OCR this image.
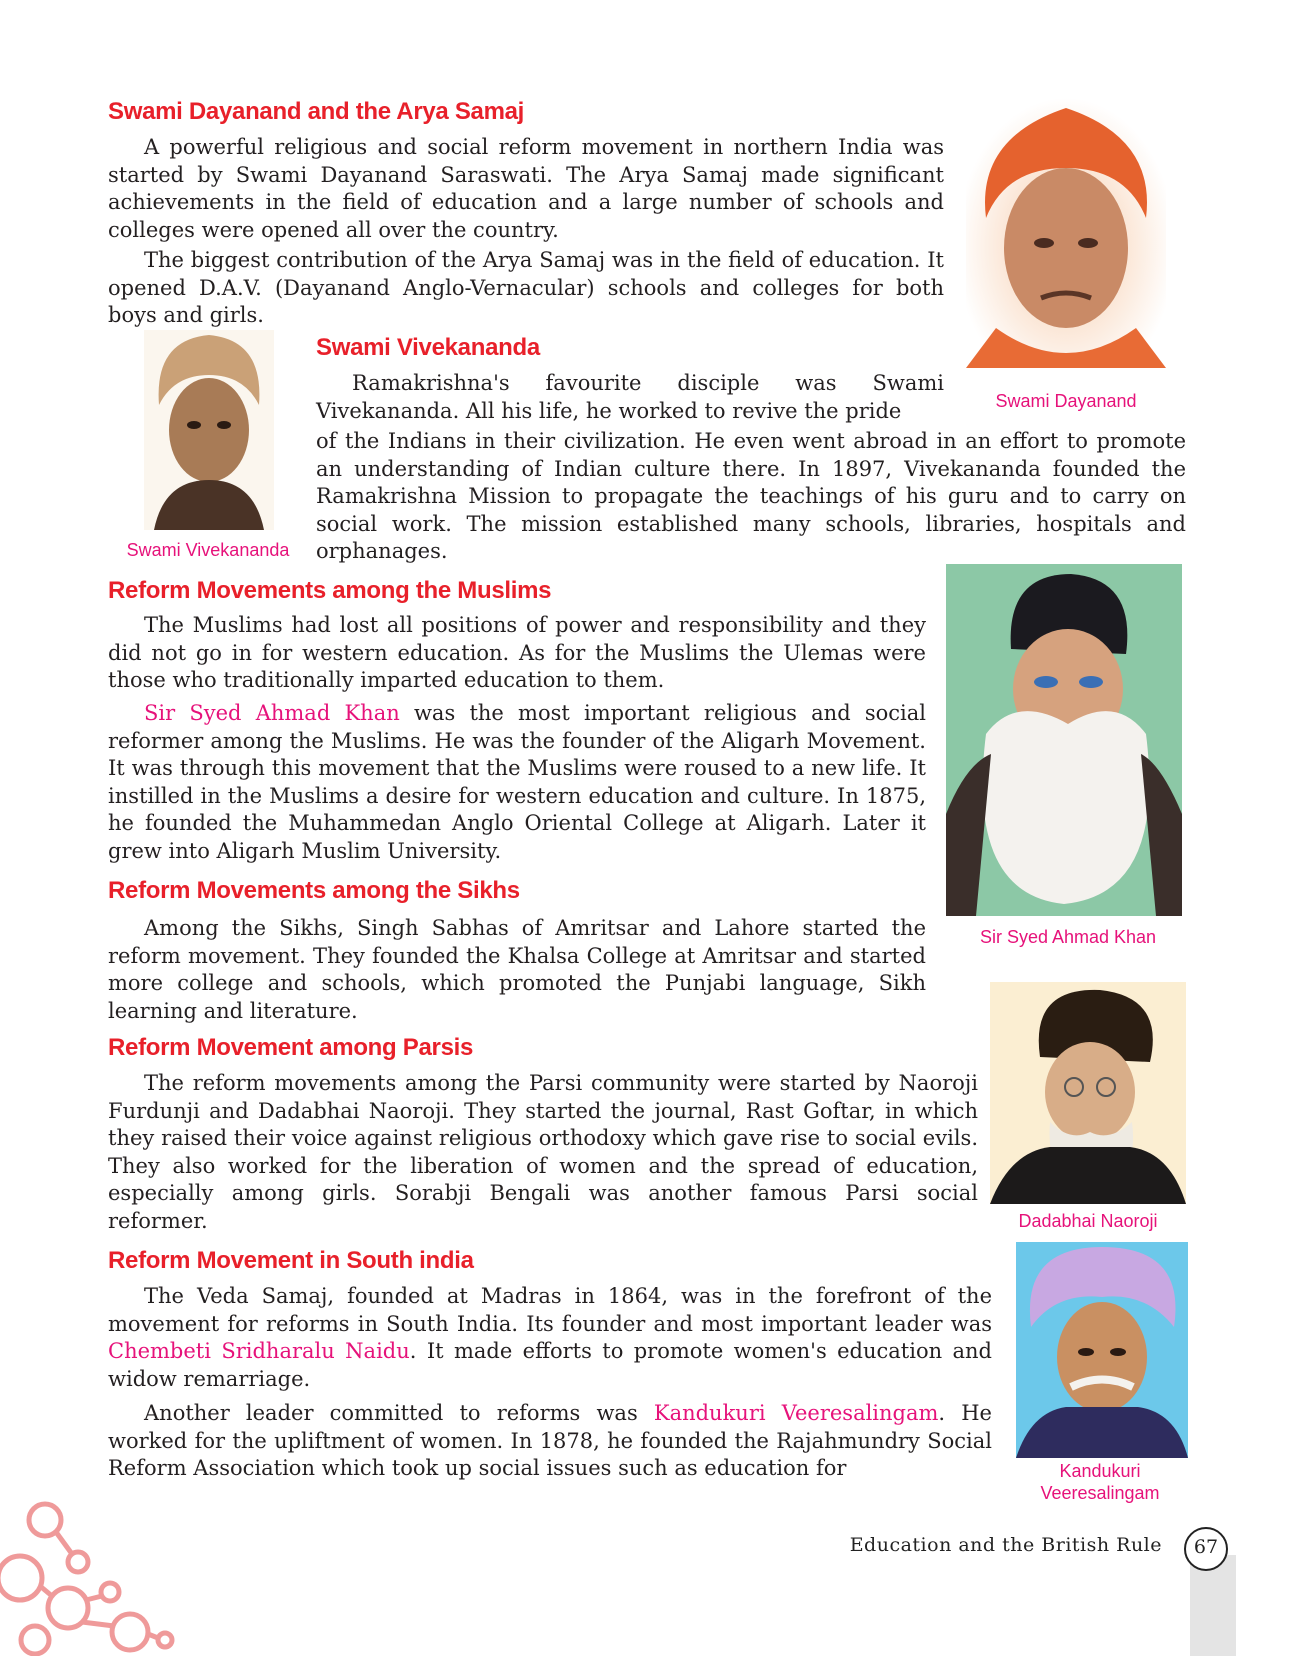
Swami Dayanand and the Arya Samaj

A powerful religious and social reform movement in northern India was started by Swami Dayanand Saraswati. The Arya Samaj made significant achievements in the field of education and a large number of schools and colleges were opened all over the country.

The biggest contribution of the Arya Samaj was in the field of education. It opened D.A.V. (Dayanand Anglo-Vernacular) schools and colleges for both boys and girls.

Swami Dayanand

Swami Vivekananda

Swami Vivekananda

Ramakrishna's favourite disciple was Swami Vivekananda. All his life, he worked to revive the pride

of the Indians in their civilization. He even went abroad in an effort to promote an understanding of Indian culture there. In 1897, Vivekananda founded the Ramakrishna Mission to propagate the teachings of his guru and to carry on social work. The mission established many schools, libraries, hospitals and orphanages.

Reform Movements among the Muslims

The Muslims had lost all positions of power and responsibility and they did not go in for western education. As for the Muslims the Ulemas were those who traditionally imparted education to them.

Sir Syed Ahmad Khan was the most important religious and social reformer among the Muslims. He was the founder of the Aligarh Movement. It was through this movement that the Muslims were roused to a new life. It instilled in the Muslims a desire for western education and culture. In 1875, he founded the Muhammedan Anglo Oriental College at Aligarh. Later it grew into Aligarh Muslim University.

Sir Syed Ahmad Khan

Reform Movements among the Sikhs

Among the Sikhs, Singh Sabhas of Amritsar and Lahore started the reform movement. They founded the Khalsa College at Amritsar and started more college and schools, which promoted the Punjabi language, Sikh learning and literature.

Dadabhai Naoroji

Reform Movement among Parsis

The reform movements among the Parsi community were started by Naoroji Furdunji and Dadabhai Naoroji. They started the journal, Rast Goftar, in which they raised their voice against religious orthodoxy which gave rise to social evils. They also worked for the liberation of women and the spread of education, especially among girls. Sorabji Bengali was another famous Parsi social reformer.

Reform Movement in South india

The Veda Samaj, founded at Madras in 1864, was in the forefront of the movement for reforms in South India. Its founder and most important leader was Chembeti Sridharalu Naidu. It made efforts to promote women's education and widow remarriage.

Another leader committed to reforms was Kandukuri Veeresalingam. He worked for the upliftment of women. In 1878, he founded the Rajahmundry Social Reform Association which took up social issues such as education for	Kandukuri
Veeresalingam

Education and the British Rule	67
